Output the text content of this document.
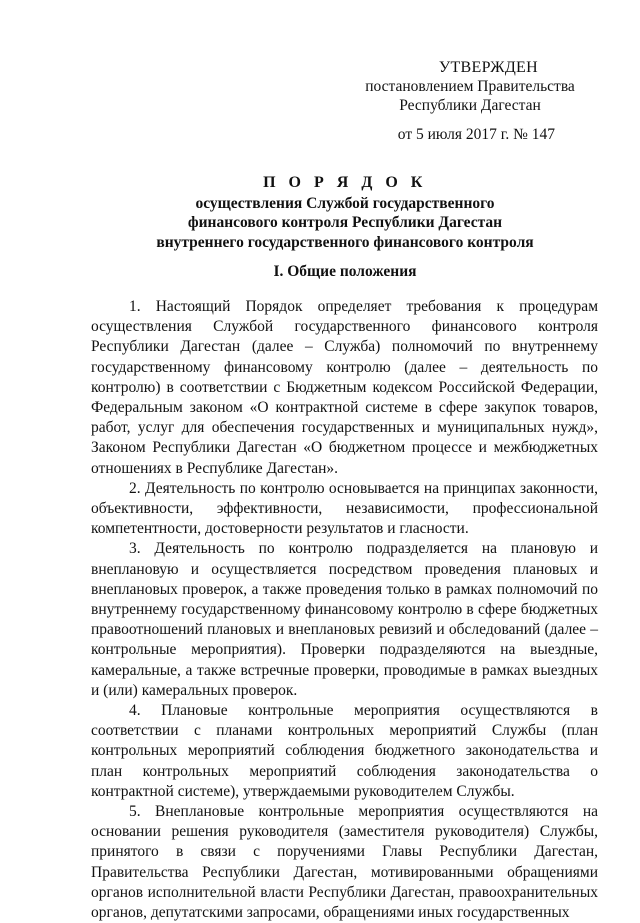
УТВЕРЖДЕН
постановлением Правительства
Республики Дагестан
от 5 июля 2017 г. № 147
П О Р Я Д О К
осуществления Службой государственного
финансового контроля Республики Дагестан
внутреннего государственного финансового контроля
I. Общие положения

1. Настоящий Порядок определяет требования к процедурам осуществления Службой государственного финансового контроля Республики Дагестан (далее – Служба) полномочий по внутреннему государственному финансовому контролю (далее – деятельность по контролю) в соответствии с Бюджетным кодексом Российской Федерации, Федеральным законом «О контрактной системе в сфере закупок товаров, работ, услуг для обеспечения государственных и муниципальных нужд», Законом Республики Дагестан «О бюджетном процессе и межбюджетных отношениях в Республике Дагестан».

2. Деятельность по контролю основывается на принципах законности, объективности, эффективности, независимости, профессиональной компетентности, достоверности результатов и гласности.

3. Деятельность по контролю подразделяется на плановую и внеплановую и осуществляется посредством проведения плановых и внеплановых проверок, а также проведения только в рамках полномочий по внутреннему государственному финансовому контролю в сфере бюджетных правоотношений плановых и внеплановых ревизий и обследований (далее – контрольные мероприятия). Проверки подразделяются на выездные, камеральные, а также встречные проверки, проводимые в рамках выездных и (или) камеральных проверок.

4. Плановые контрольные мероприятия осуществляются в соответствии с планами контрольных мероприятий Службы (план контрольных мероприятий соблюдения бюджетного законодательства и план контрольных мероприятий соблюдения законодательства о контрактной системе), утверждаемыми руководителем Службы.

5. Внеплановые контрольные мероприятия осуществляются на основании решения руководителя (заместителя руководителя) Службы, принятого в связи с поручениями Главы Республики Дагестан, Правительства Республики Дагестан, мотивированными обращениями органов исполнительной власти Республики Дагестан, правоохранительных органов, депутатскими запросами, обращениями иных государственных
